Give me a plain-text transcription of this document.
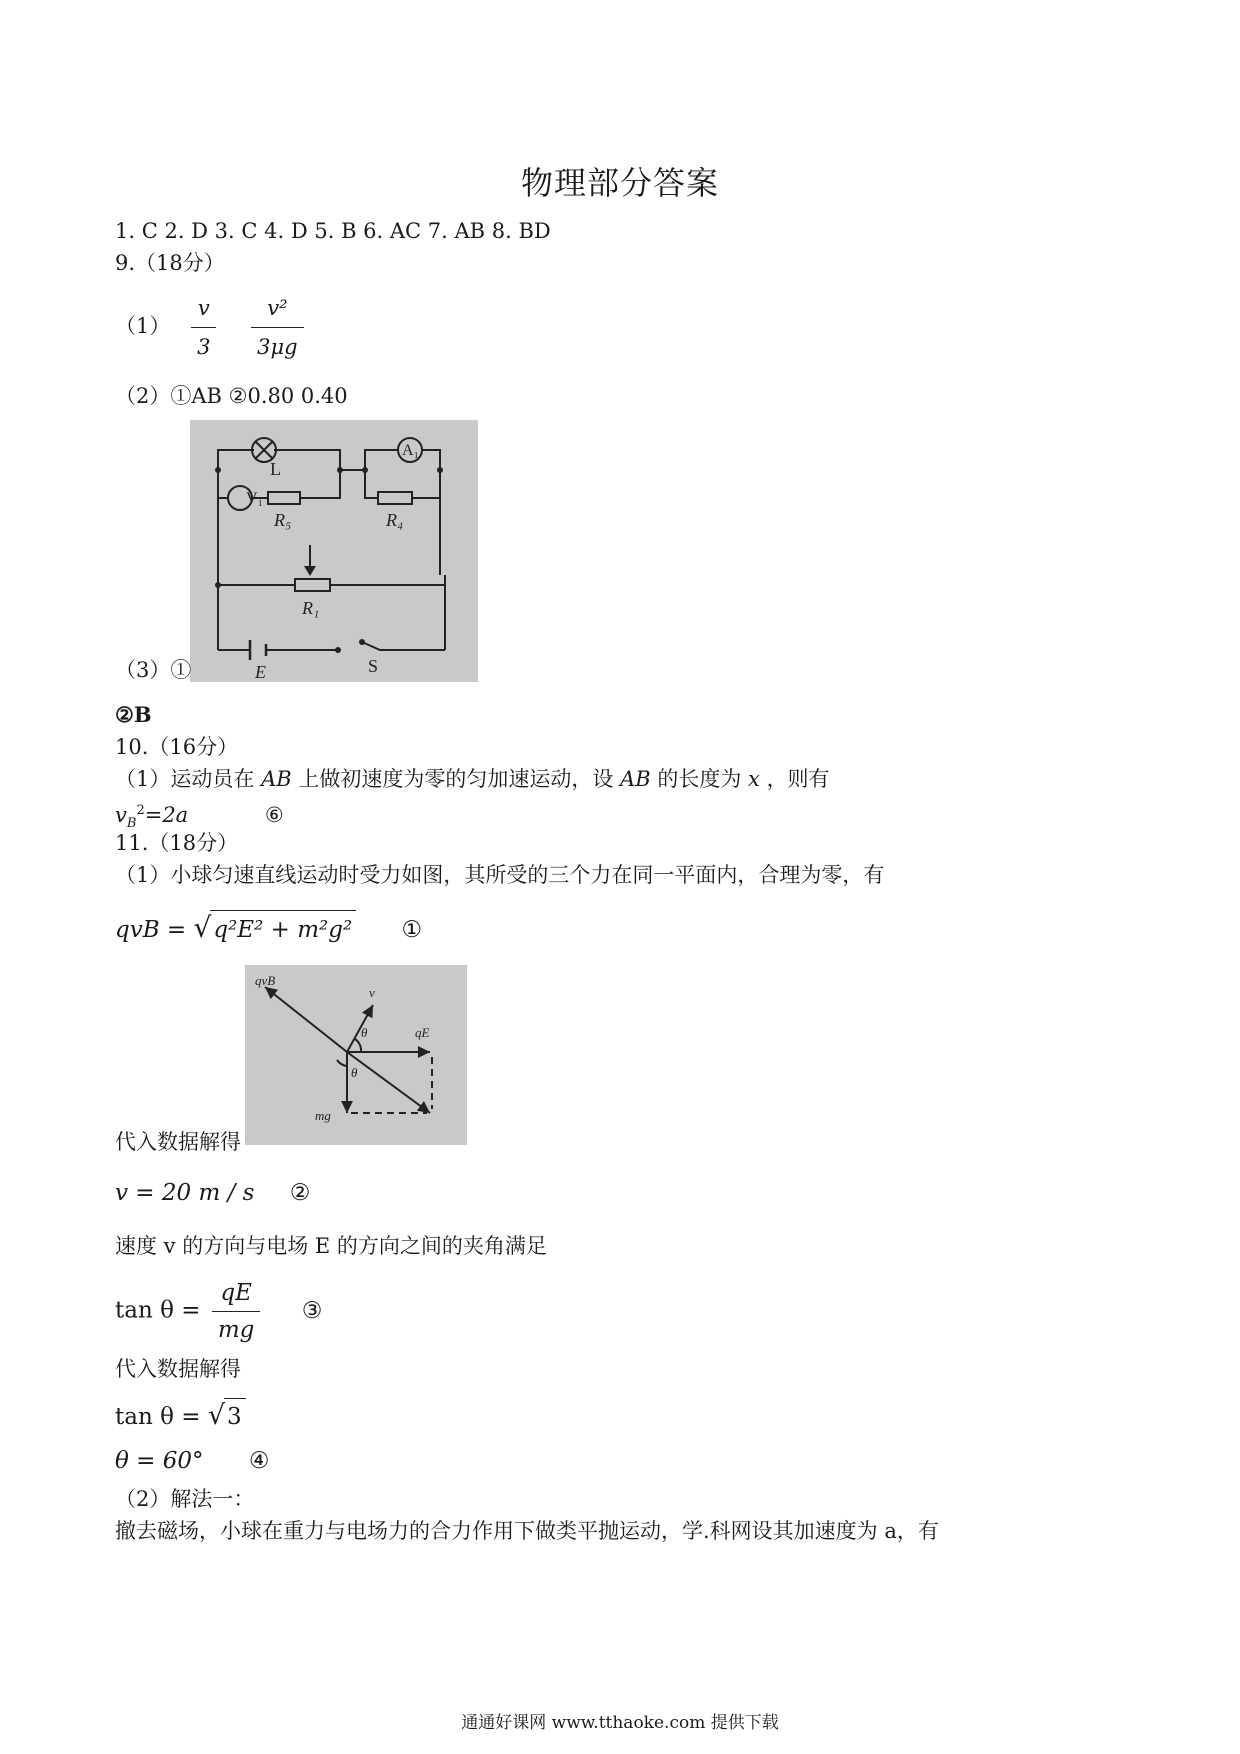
物理部分答案
1. C 2. D 3. C 4. D 5. B 6. AC 7. AB 8. BD
9.（18分）
$(1) \frac{v}{3}$
$\frac{\text{v²}}{3\mu g}$
（2）①AB ②0.80 0.40
V₁
A₁
L
R₅	R₄
R₁
E	S
（3）①
②B
10.（16分）
（1）运动员在 AB 上做初速度为零的匀加速运动，设 AB 的长度为 x ，则有
$v_B^2=2a$	⑥
11.（18分）
（1）小球匀速直线运动时受力如图，其所受的三个力在同一平面内，合理为零，有
qvB = √q²E² + m²g² ①
qvB
v
qE
mg
θ
θ
代入数据解得
v = 20 m / s ②
速度 v 的方向与电场 E 的方向之间的夹角满足
$\tan \theta = \frac{qE}{mg}$ ③
代入数据解得
tan θ = √3
θ = 60° ④
（2）解法一：
撤去磁场，小球在重力与电场力的合力作用下做类平抛运动，学.科网设其加速度为 a，有
通通好课网 www.tthaoke.com 提供下载
